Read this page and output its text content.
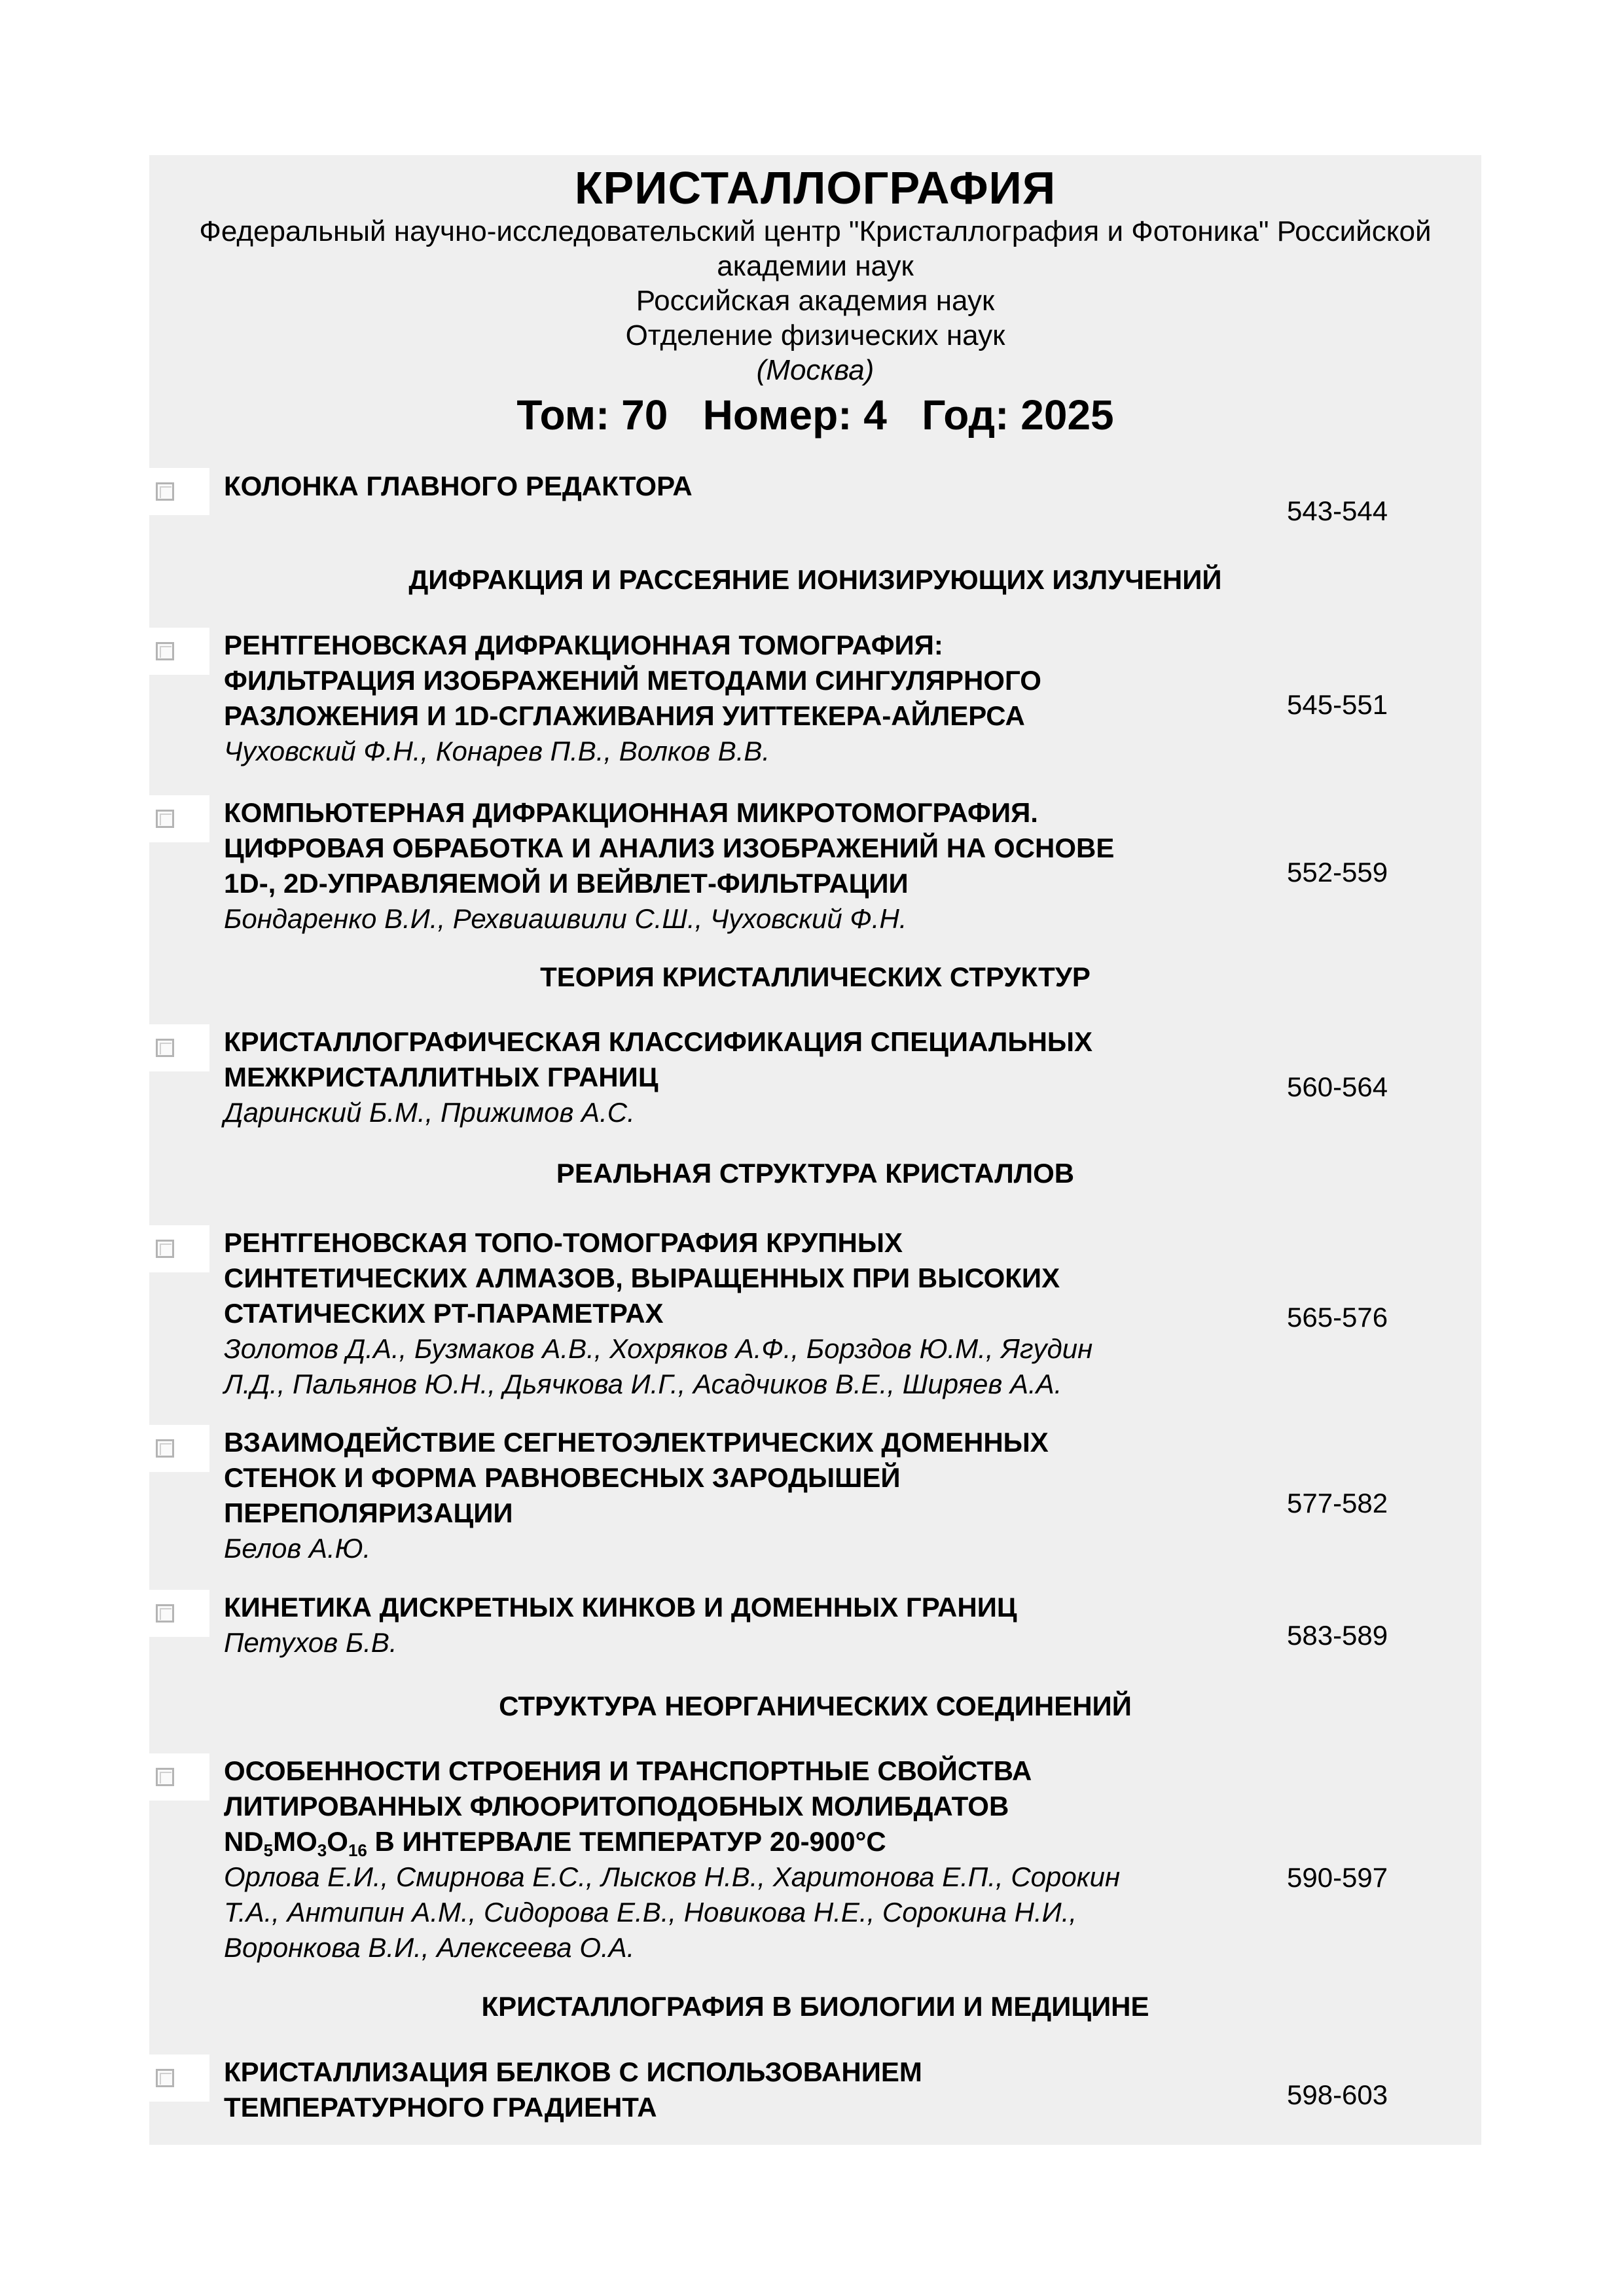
КРИСТАЛЛОГРАФИЯ
Федеральный научно-исследовательский центр "Кристаллография и Фотоника" Российской
академии наук
Российская академия наук
Отделение физических наук
(Москва)
Том: 70   Номер: 4   Год: 2025
КОЛОНКА ГЛАВНОГО РЕДАКТОРА
543-544
ДИФРАКЦИЯ И РАССЕЯНИЕ ИОНИЗИРУЮЩИХ ИЗЛУЧЕНИЙ
РЕНТГЕНОВСКАЯ ДИФРАКЦИОННАЯ ТОМОГРАФИЯ:
ФИЛЬТРАЦИЯ ИЗОБРАЖЕНИЙ МЕТОДАМИ СИНГУЛЯРНОГО
РАЗЛОЖЕНИЯ И 1D-СГЛАЖИВАНИЯ УИТТЕКЕРА-АЙЛЕРСА
Чуховский Ф.Н., Конарев П.В., Волков В.В.
545-551
КОМПЬЮТЕРНАЯ ДИФРАКЦИОННАЯ МИКРОТОМОГРАФИЯ.
ЦИФРОВАЯ ОБРАБОТКА И АНАЛИЗ ИЗОБРАЖЕНИЙ НА ОСНОВЕ
1D-, 2D-УПРАВЛЯЕМОЙ И ВЕЙВЛЕТ-ФИЛЬТРАЦИИ
Бондаренко В.И., Рехвиашвили С.Ш., Чуховский Ф.Н.
552-559
ТЕОРИЯ КРИСТАЛЛИЧЕСКИХ СТРУКТУР
КРИСТАЛЛОГРАФИЧЕСКАЯ КЛАССИФИКАЦИЯ СПЕЦИАЛЬНЫХ
МЕЖКРИСТАЛЛИТНЫХ ГРАНИЦ
Даринский Б.М., Прижимов А.С.
560-564
РЕАЛЬНАЯ СТРУКТУРА КРИСТАЛЛОВ
РЕНТГЕНОВСКАЯ ТОПО-ТОМОГРАФИЯ КРУПНЫХ
СИНТЕТИЧЕСКИХ АЛМАЗОВ, ВЫРАЩЕННЫХ ПРИ ВЫСОКИХ
СТАТИЧЕСКИХ PT-ПАРАМЕТРАХ
Золотов Д.А., Бузмаков А.В., Хохряков А.Ф., Борздов Ю.М., Ягудин
Л.Д., Пальянов Ю.Н., Дьячкова И.Г., Асадчиков В.Е., Ширяев А.А.
565-576
ВЗАИМОДЕЙСТВИЕ СЕГНЕТОЭЛЕКТРИЧЕСКИХ ДОМЕННЫХ
СТЕНОК И ФОРМА РАВНОВЕСНЫХ ЗАРОДЫШЕЙ
ПЕРЕПОЛЯРИЗАЦИИ
Белов А.Ю.
577-582
КИНЕТИКА ДИСКРЕТНЫХ КИНКОВ И ДОМЕННЫХ ГРАНИЦ
Петухов Б.В.	583-589
СТРУКТУРА НЕОРГАНИЧЕСКИХ СОЕДИНЕНИЙ
ОСОБЕННОСТИ СТРОЕНИЯ И ТРАНСПОРТНЫЕ СВОЙСТВА
ЛИТИРОВАННЫХ ФЛЮОРИТОПОДОБНЫХ МОЛИБДАТОВ
$ND_5MO_3O_{16}$ В ИНТЕРВАЛЕ ТЕМПЕРАТУР 20-900°С
Орлова Е.И., Смирнова Е.С., Лысков Н.В., Харитонова Е.П., Сорокин
Т.А., Антипин А.М., Сидорова Е.В., Новикова Н.Е., Сорокина Н.И.,
Воронкова В.И., Алексеева О.А.
590-597
КРИСТАЛЛОГРАФИЯ В БИОЛОГИИ И МЕДИЦИНЕ
КРИСТАЛЛИЗАЦИЯ БЕЛКОВ С ИСПОЛЬЗОВАНИЕМ
ТЕМПЕРАТУРНОГО ГРАДИЕНТА	598-603
